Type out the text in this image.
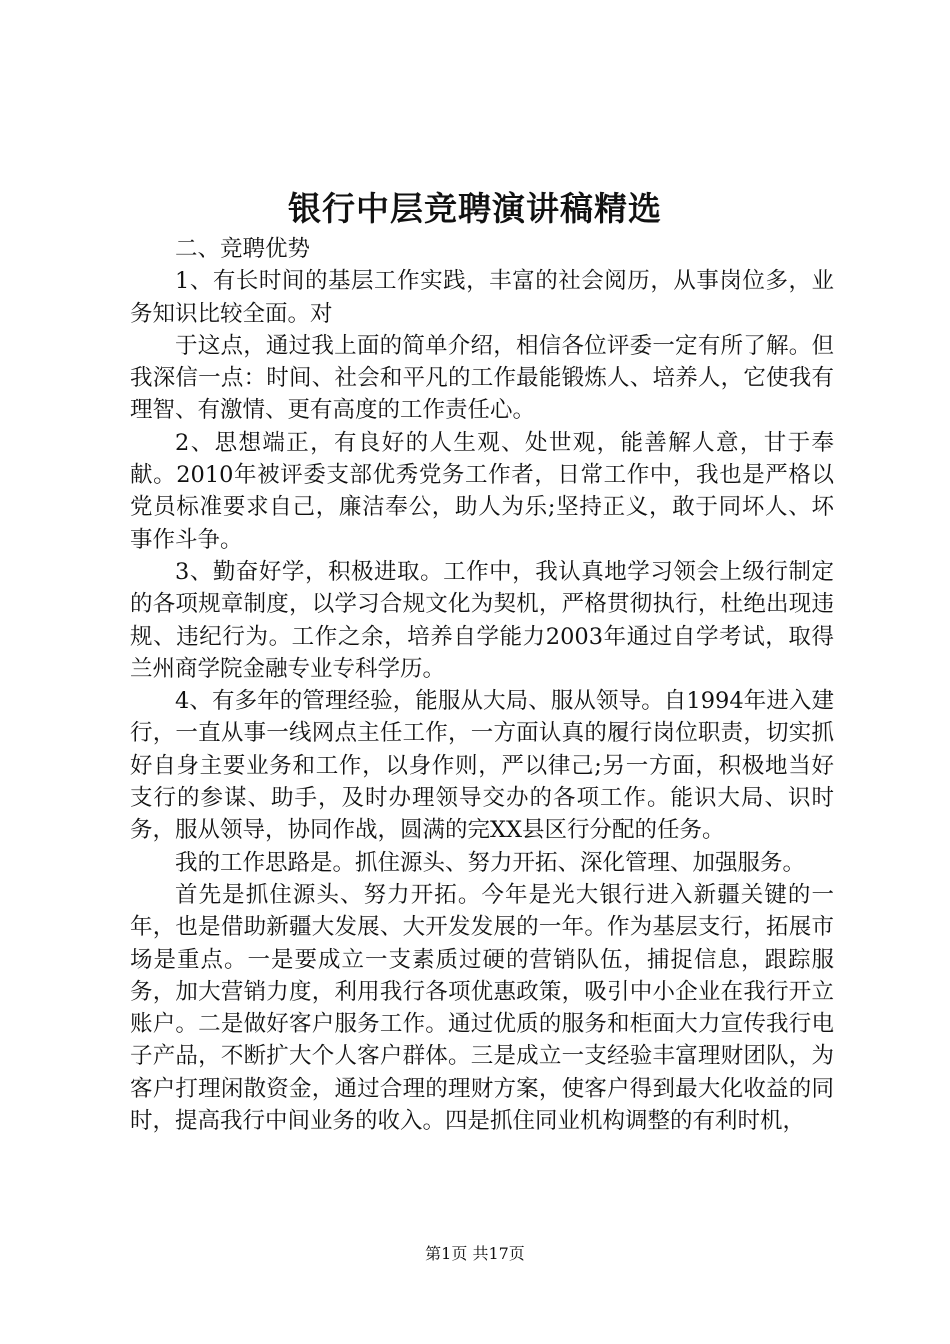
银行中层竞聘演讲稿精选

二、竞聘优势

1、有长时间的基层工作实践，丰富的社会阅历，从事岗位多，业务知识比较全面。对

于这点，通过我上面的简单介绍，相信各位评委一定有所了解。但我深信一点：时间、社会和平凡的工作最能锻炼人、培养人，它使我有理智、有激情、更有高度的工作责任心。

2、思想端正，有良好的人生观、处世观，能善解人意，甘于奉献。2010年被评委支部优秀党务工作者，日常工作中，我也是严格以党员标准要求自己，廉洁奉公，助人为乐;坚持正义，敢于同坏人、坏事作斗争。

3、勤奋好学，积极进取。工作中，我认真地学习领会上级行制定的各项规章制度，以学习合规文化为契机，严格贯彻执行，杜绝出现违规、违纪行为。工作之余，培养自学能力2003年通过自学考试，取得兰州商学院金融专业专科学历。

4、有多年的管理经验，能服从大局、服从领导。自1994年进入建行，一直从事一线网点主任工作，一方面认真的履行岗位职责，切实抓好自身主要业务和工作，以身作则，严以律己;另一方面，积极地当好支行的参谋、助手，及时办理领导交办的各项工作。能识大局、识时务，服从领导，协同作战，圆满的完XX县区行分配的任务。

我的工作思路是。抓住源头、努力开拓、深化管理、加强服务。

首先是抓住源头、努力开拓。今年是光大银行进入新疆关键的一年，也是借助新疆大发展、大开发发展的一年。作为基层支行，拓展市场是重点。一是要成立一支素质过硬的营销队伍，捕捉信息，跟踪服务，加大营销力度，利用我行各项优惠政策，吸引中小企业在我行开立账户。二是做好客户服务工作。通过优质的服务和柜面大力宣传我行电子产品，不断扩大个人客户群体。三是成立一支经验丰富理财团队，为客户打理闲散资金，通过合理的理财方案，使客户得到最大化收益的同时，提高我行中间业务的收入。四是抓住同业机构调整的有利时机，

第1页 共17页
